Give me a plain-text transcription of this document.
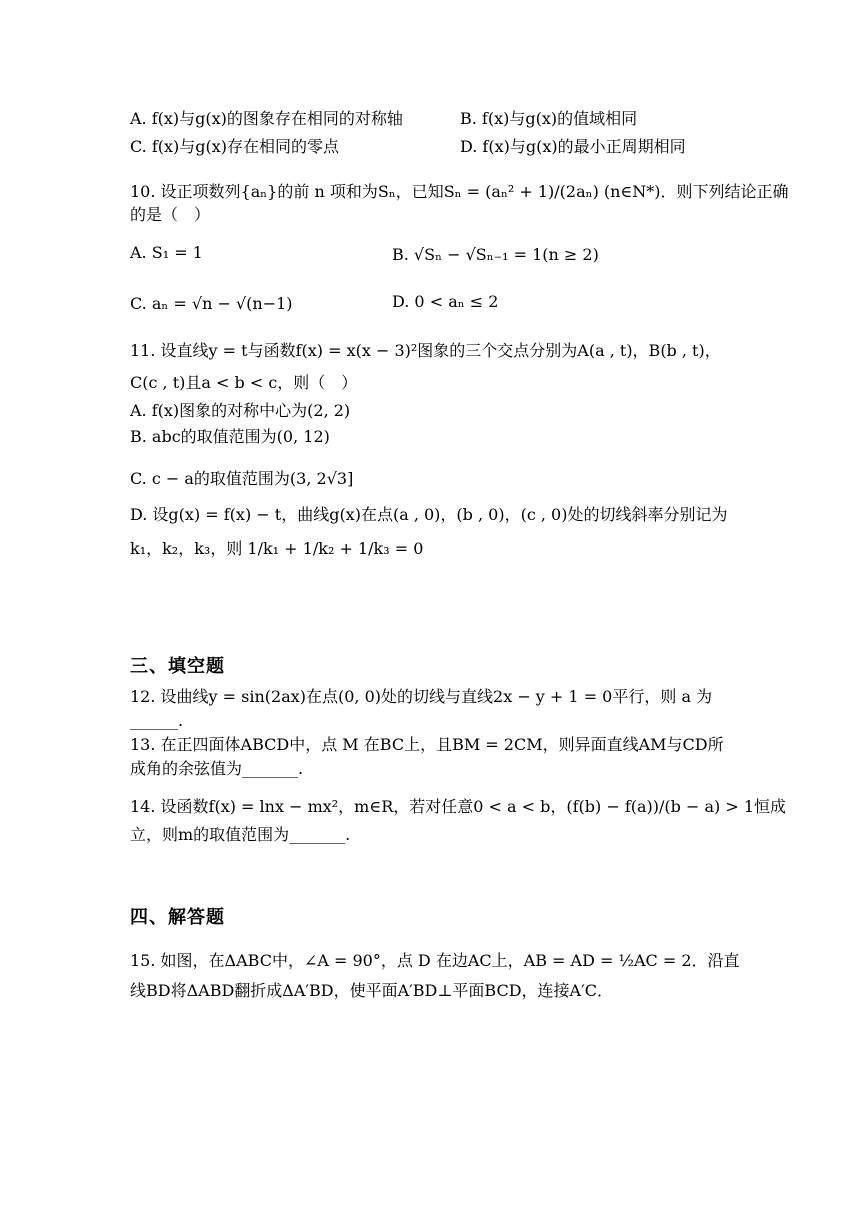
A. f(x)与g(x)的图象存在相同的对称轴	B. f(x)与g(x)的值域相同
C. f(x)与g(x)存在相同的零点	D. f(x)与g(x)的最小正周期相同
10. 设正项数列{aₙ}的前 n 项和为Sₙ，已知Sₙ = (aₙ² + 1)/(2aₙ) (n∈N*)．则下列结论正确
的是（　）
A. S₁ = 1	B. √Sₙ − √Sₙ₋₁ = 1(n ≥ 2)
C. aₙ = √n − √(n−1)	D. 0 < aₙ ≤ 2
11. 设直线y = t与函数f(x) = x(x − 3)²图象的三个交点分别为A(a , t)，B(b , t)，
C(c , t)且a < b < c，则（　）
A. f(x)图象的对称中心为(2, 2)
B. abc的取值范围为(0, 12)
C. c − a的取值范围为(3, 2√3]
D. 设g(x) = f(x) − t，曲线g(x)在点(a , 0)，(b , 0)，(c , 0)处的切线斜率分别记为
k₁，k₂，k₃，则 1/k₁ + 1/k₂ + 1/k₃ = 0
三、填空题
12. 设曲线y = sin(2ax)在点(0, 0)处的切线与直线2x − y + 1 = 0平行，则 a 为
______.
13. 在正四面体ABCD中，点 M 在BC上，且BM = 2CM，则异面直线AM与CD所
成角的余弦值为_______.
14. 设函数f(x) = lnx − mx²，m∈R，若对任意0 < a < b，(f(b) − f(a))/(b − a) > 1恒成
立，则m的取值范围为_______.
四、解答题
15. 如图，在ΔABC中，∠A = 90°，点 D 在边AC上，AB = AD = ½AC = 2．沿直
线BD将ΔABD翻折成ΔA′BD，使平面A′BD⊥平面BCD，连接A′C．
